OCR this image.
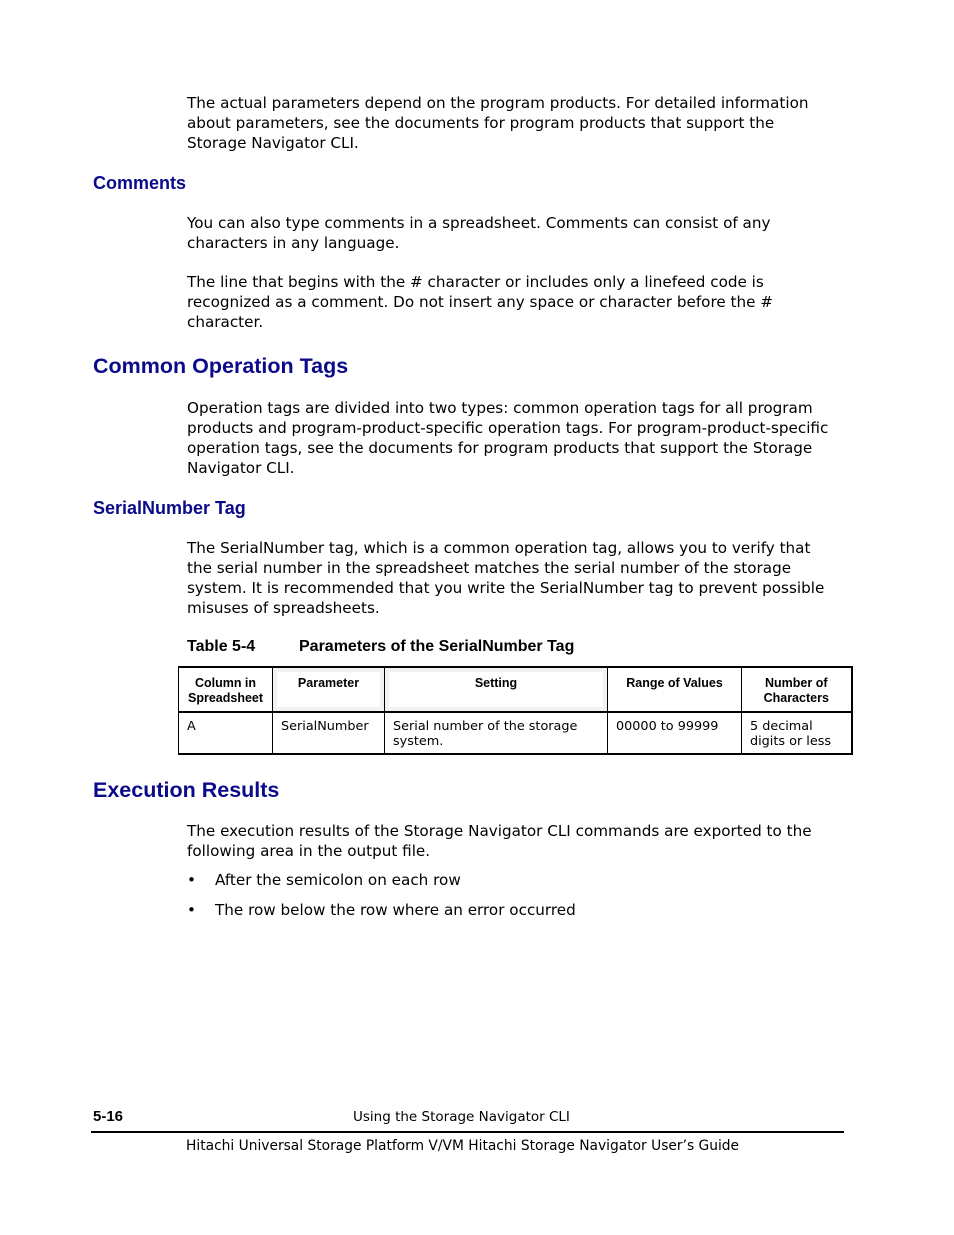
The actual parameters depend on the program products. For detailed information about parameters, see the documents for program products that support the Storage Navigator CLI.

Comments

You can also type comments in a spreadsheet. Comments can consist of any characters in any language.

The line that begins with the # character or includes only a linefeed code is recognized as a comment. Do not insert any space or character before the # character.

Common Operation Tags

Operation tags are divided into two types: common operation tags for all program products and program-product-specific operation tags. For program-product-specific operation tags, see the documents for program products that support the Storage Navigator CLI.

SerialNumber Tag

The SerialNumber tag, which is a common operation tag, allows you to verify that the serial number in the spreadsheet matches the serial number of the storage system. It is recommended that you write the SerialNumber tag to prevent possible misuses of spreadsheets.

Table 5-4	Parameters of the SerialNumber Tag
Column in Spreadsheet	Parameter	Setting	Range of Values	Number of Characters
A	SerialNumber	Serial number of the storage system.	00000 to 99999	5 decimal digits or less
Execution Results

The execution results of the Storage Navigator CLI commands are exported to the following area in the output file.

• After the semicolon on each row
• The row below the row where an error occurred
5-16	Using the Storage Navigator CLI
Hitachi Universal Storage Platform V/VM Hitachi Storage Navigator User’s Guide
